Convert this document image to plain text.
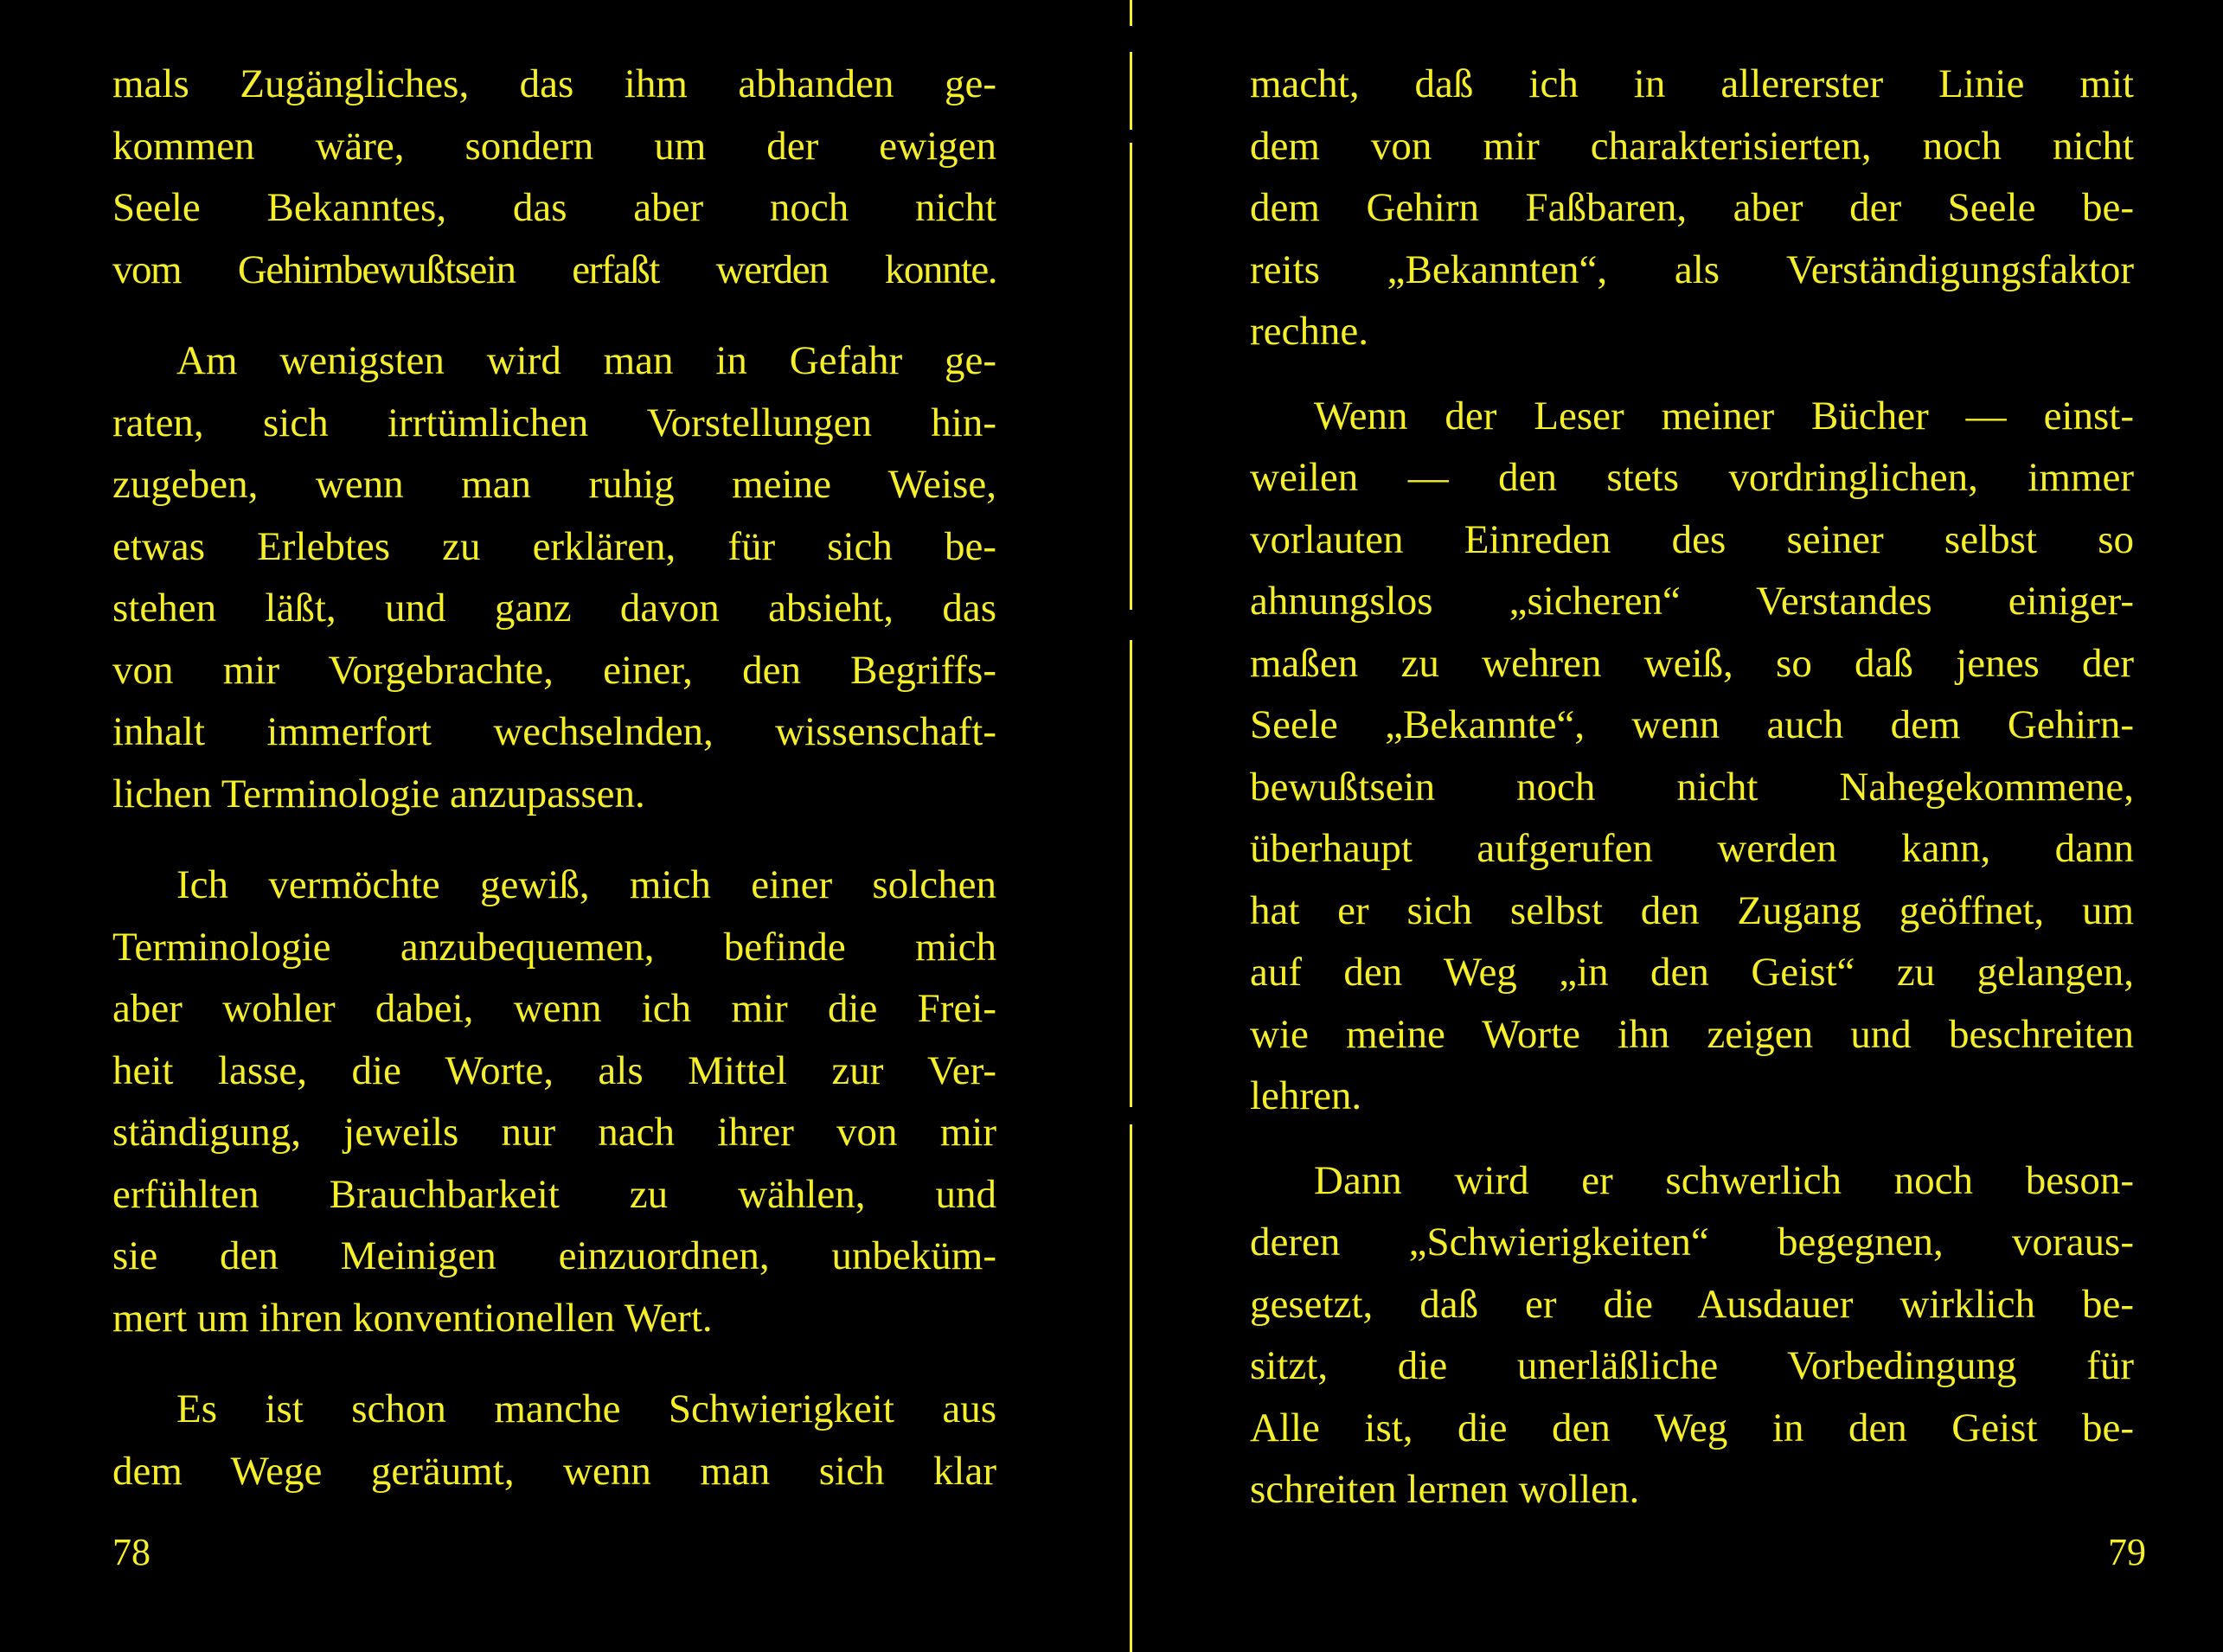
mals Zugängliches, das ihm abhanden ge-
kommen wäre, sondern um der ewigen
Seele Bekanntes, das aber noch nicht
vom Gehirnbewußtsein erfaßt werden konnte.

Am wenigsten wird man in Gefahr ge-
raten, sich irrtümlichen Vorstellungen hin-
zugeben, wenn man ruhig meine Weise,
etwas Erlebtes zu erklären, für sich be-
stehen läßt, und ganz davon absieht, das
von mir Vorgebrachte, einer, den Begriffs-
inhalt immerfort wechselnden, wissenschaft-
lichen Terminologie anzupassen.

Ich vermöchte gewiß, mich einer solchen
Terminologie anzubequemen, befinde mich
aber wohler dabei, wenn ich mir die Frei-
heit lasse, die Worte, als Mittel zur Ver-
ständigung, jeweils nur nach ihrer von mir
erfühlten Brauchbarkeit zu wählen, und
sie den Meinigen einzuordnen, unbeküm-
mert um ihren konventionellen Wert.

Es ist schon manche Schwierigkeit aus
dem Wege geräumt, wenn man sich klar

78

macht, daß ich in allererster Linie mit
dem von mir charakterisierten, noch nicht
dem Gehirn Faßbaren, aber der Seele be-
reits „Bekannten“, als Verständigungsfaktor
rechne.

Wenn der Leser meiner Bücher — einst-
weilen — den stets vordringlichen, immer
vorlauten Einreden des seiner selbst so
ahnungslos „sicheren“ Verstandes einiger-
maßen zu wehren weiß, so daß jenes der
Seele „Bekannte“, wenn auch dem Gehirn-
bewußtsein noch nicht Nahegekommene,
überhaupt aufgerufen werden kann, dann
hat er sich selbst den Zugang geöffnet, um
auf den Weg „in den Geist“ zu gelangen,
wie meine Worte ihn zeigen und beschreiten
lehren.

Dann wird er schwerlich noch beson-
deren „Schwierigkeiten“ begegnen, voraus-
gesetzt, daß er die Ausdauer wirklich be-
sitzt, die unerläßliche Vorbedingung für
Alle ist, die den Weg in den Geist be-
schreiten lernen wollen.

79
